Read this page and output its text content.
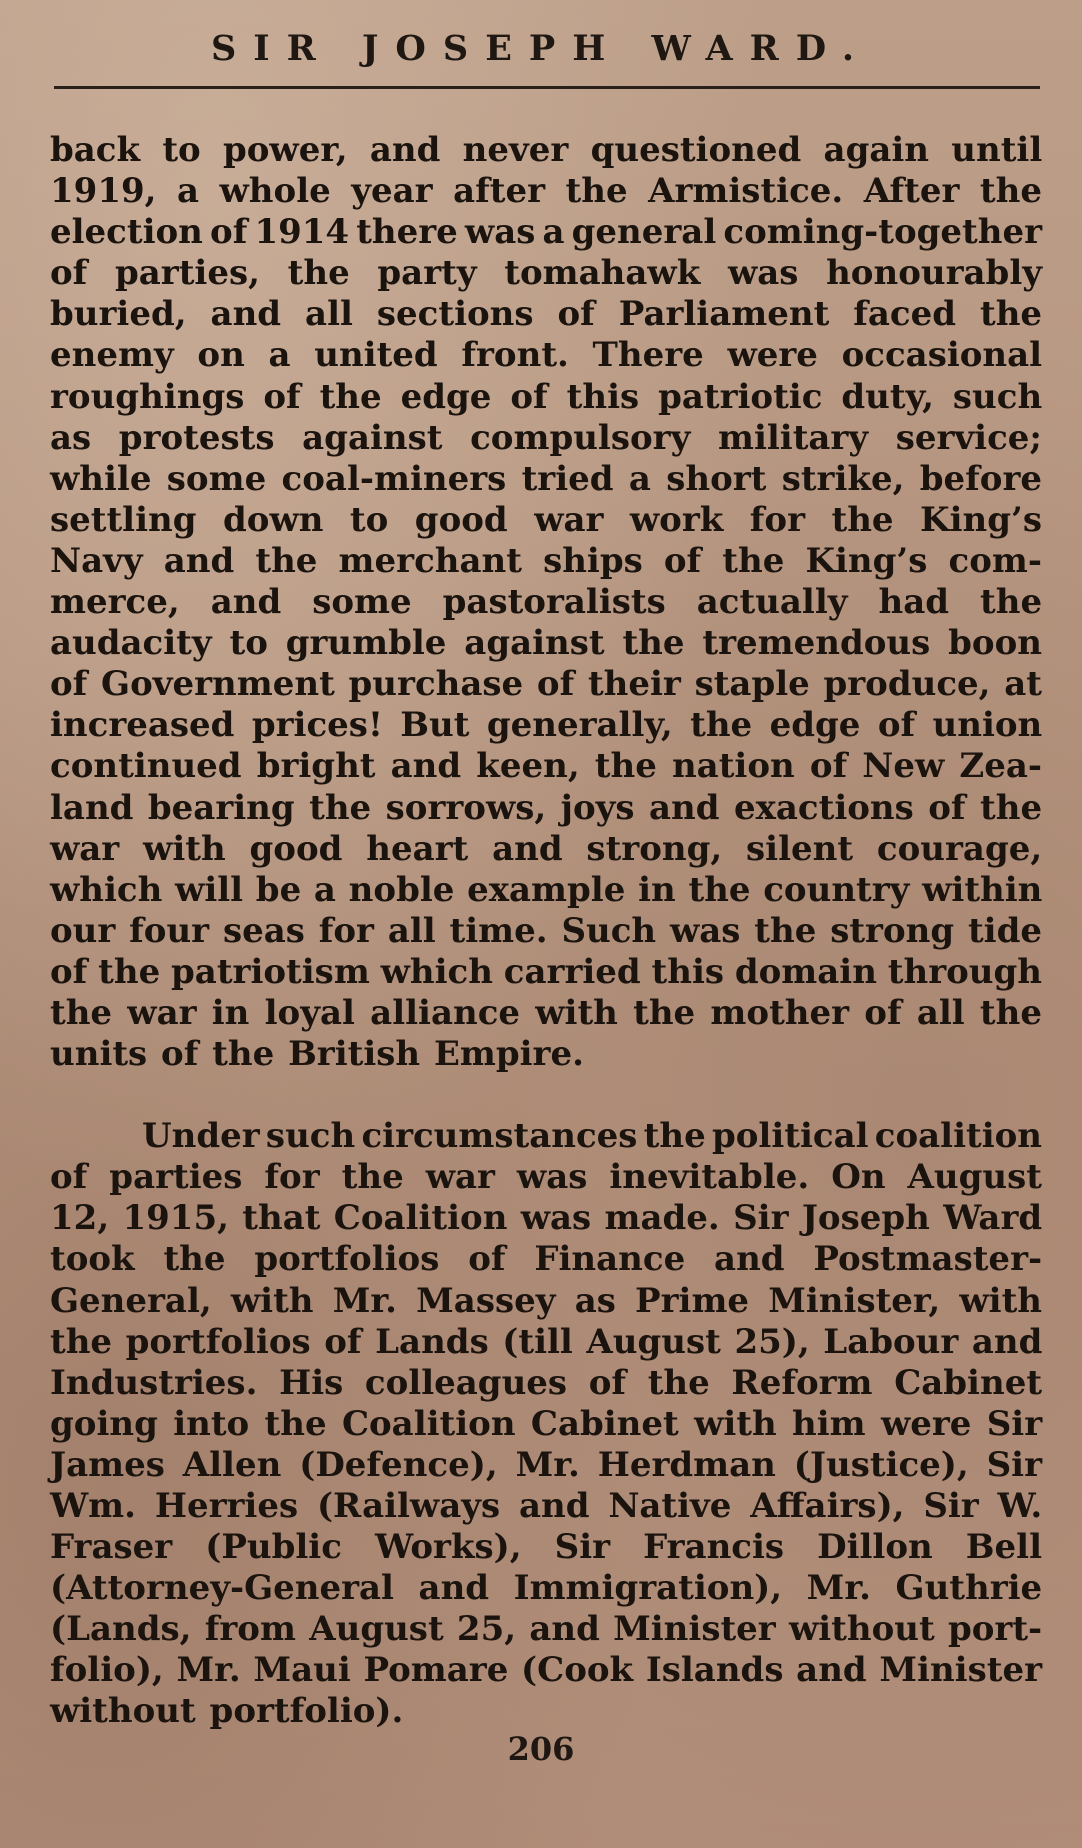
SIR JOSEPH WARD.
back to power, and never questioned again until
1919, a whole year after the Armistice. After the
election of 1914 there was a general coming-together
of parties, the party tomahawk was honourably
buried, and all sections of Parliament faced the
enemy on a united front. There were occasional
roughings of the edge of this patriotic duty, such
as protests against compulsory military service;
while some coal-miners tried a short strike, before
settling down to good war work for the King’s
Navy and the merchant ships of the King’s com-
merce, and some pastoralists actually had the
audacity to grumble against the tremendous boon
of Government purchase of their staple produce, at
increased prices! But generally, the edge of union
continued bright and keen, the nation of New Zea-
land bearing the sorrows, joys and exactions of the
war with good heart and strong, silent courage,
which will be a noble example in the country within
our four seas for all time. Such was the strong tide
of the patriotism which carried this domain through
the war in loyal alliance with the mother of all the
units of the British Empire.
Under such circumstances the political coalition
of parties for the war was inevitable. On August
12, 1915, that Coalition was made. Sir Joseph Ward
took the portfolios of Finance and Postmaster-
General, with Mr. Massey as Prime Minister, with
the portfolios of Lands (till August 25), Labour and
Industries. His colleagues of the Reform Cabinet
going into the Coalition Cabinet with him were Sir
James Allen (Defence), Mr. Herdman (Justice), Sir
Wm. Herries (Railways and Native Affairs), Sir W.
Fraser (Public Works), Sir Francis Dillon Bell
(Attorney-General and Immigration), Mr. Guthrie
(Lands, from August 25, and Minister without port-
folio), Mr. Maui Pomare (Cook Islands and Minister
without portfolio).
206
